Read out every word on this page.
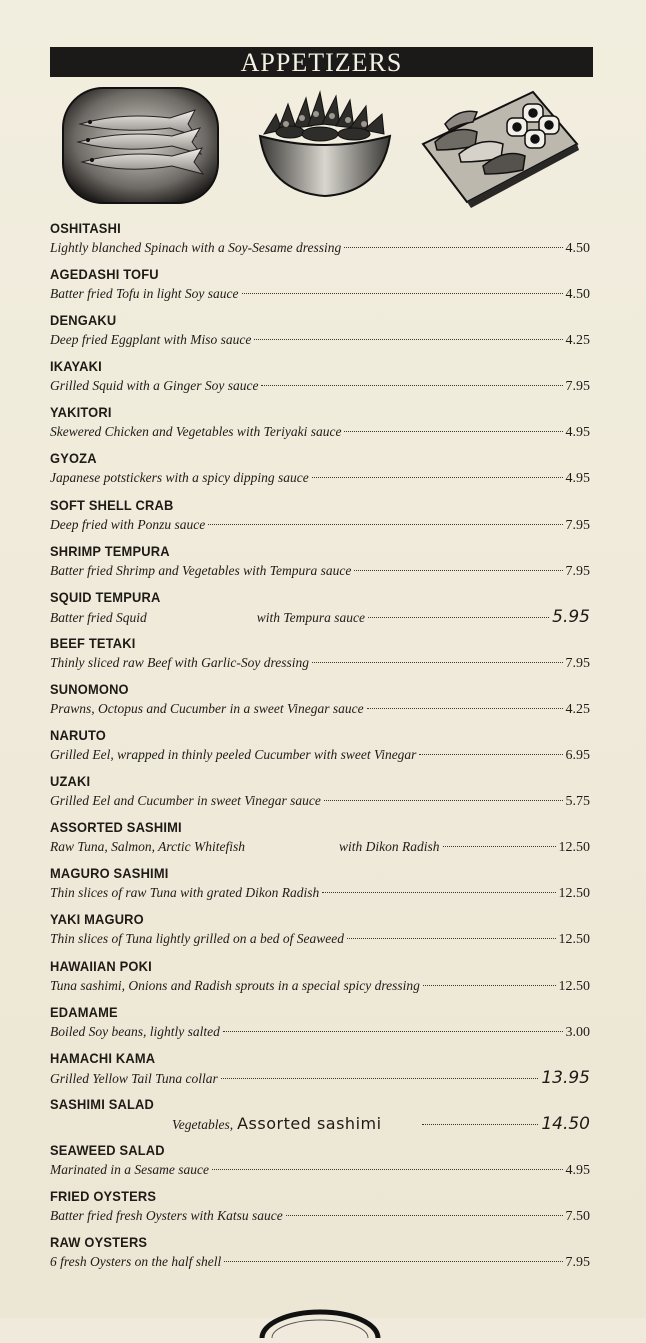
APPETIZERS
OSHITASHI
Lightly blanched Spinach with a Soy-Sesame dressing	4.50
AGEDASHI TOFU
Batter fried Tofu in light Soy sauce	4.50
DENGAKU
Deep fried Eggplant with Miso sauce	4.25
IKAYAKI
Grilled Squid with a Ginger Soy sauce	7.95
YAKITORI
Skewered Chicken and Vegetables with Teriyaki sauce	4.95
GYOZA
Japanese potstickers with a spicy dipping sauce	4.95
SOFT SHELL CRAB
Deep fried with Ponzu sauce	7.95
SHRIMP TEMPURA
Batter fried Shrimp and Vegetables with Tempura sauce	7.95
SQUID TEMPURA
Batter fried Squid	with Tempura sauce	5.95
BEEF TETAKI
Thinly sliced raw Beef with Garlic-Soy dressing	7.95
SUNOMONO
Prawns, Octopus and Cucumber in a sweet Vinegar sauce	4.25
NARUTO
Grilled Eel, wrapped in thinly peeled Cucumber with sweet Vinegar	6.95
UZAKI
Grilled Eel and Cucumber in sweet Vinegar sauce	5.75
ASSORTED SASHIMI
Raw Tuna, Salmon, Arctic Whitefish	with Dikon Radish	12.50
MAGURO SASHIMI
Thin slices of raw Tuna with grated Dikon Radish	12.50
YAKI MAGURO
Thin slices of Tuna lightly grilled on a bed of Seaweed	12.50
HAWAIIAN POKI
Tuna sashimi, Onions and Radish sprouts in a special spicy dressing	12.50
EDAMAME
Boiled Soy beans, lightly salted	3.00
HAMACHI KAMA
Grilled Yellow Tail Tuna collar	13.95
SASHIMI SALAD
Vegetables, Assorted sashimi	14.50
SEAWEED SALAD
Marinated in a Sesame sauce	4.95
FRIED OYSTERS
Batter fried fresh Oysters with Katsu sauce	7.50
RAW OYSTERS
6 fresh Oysters on the half shell	7.95
